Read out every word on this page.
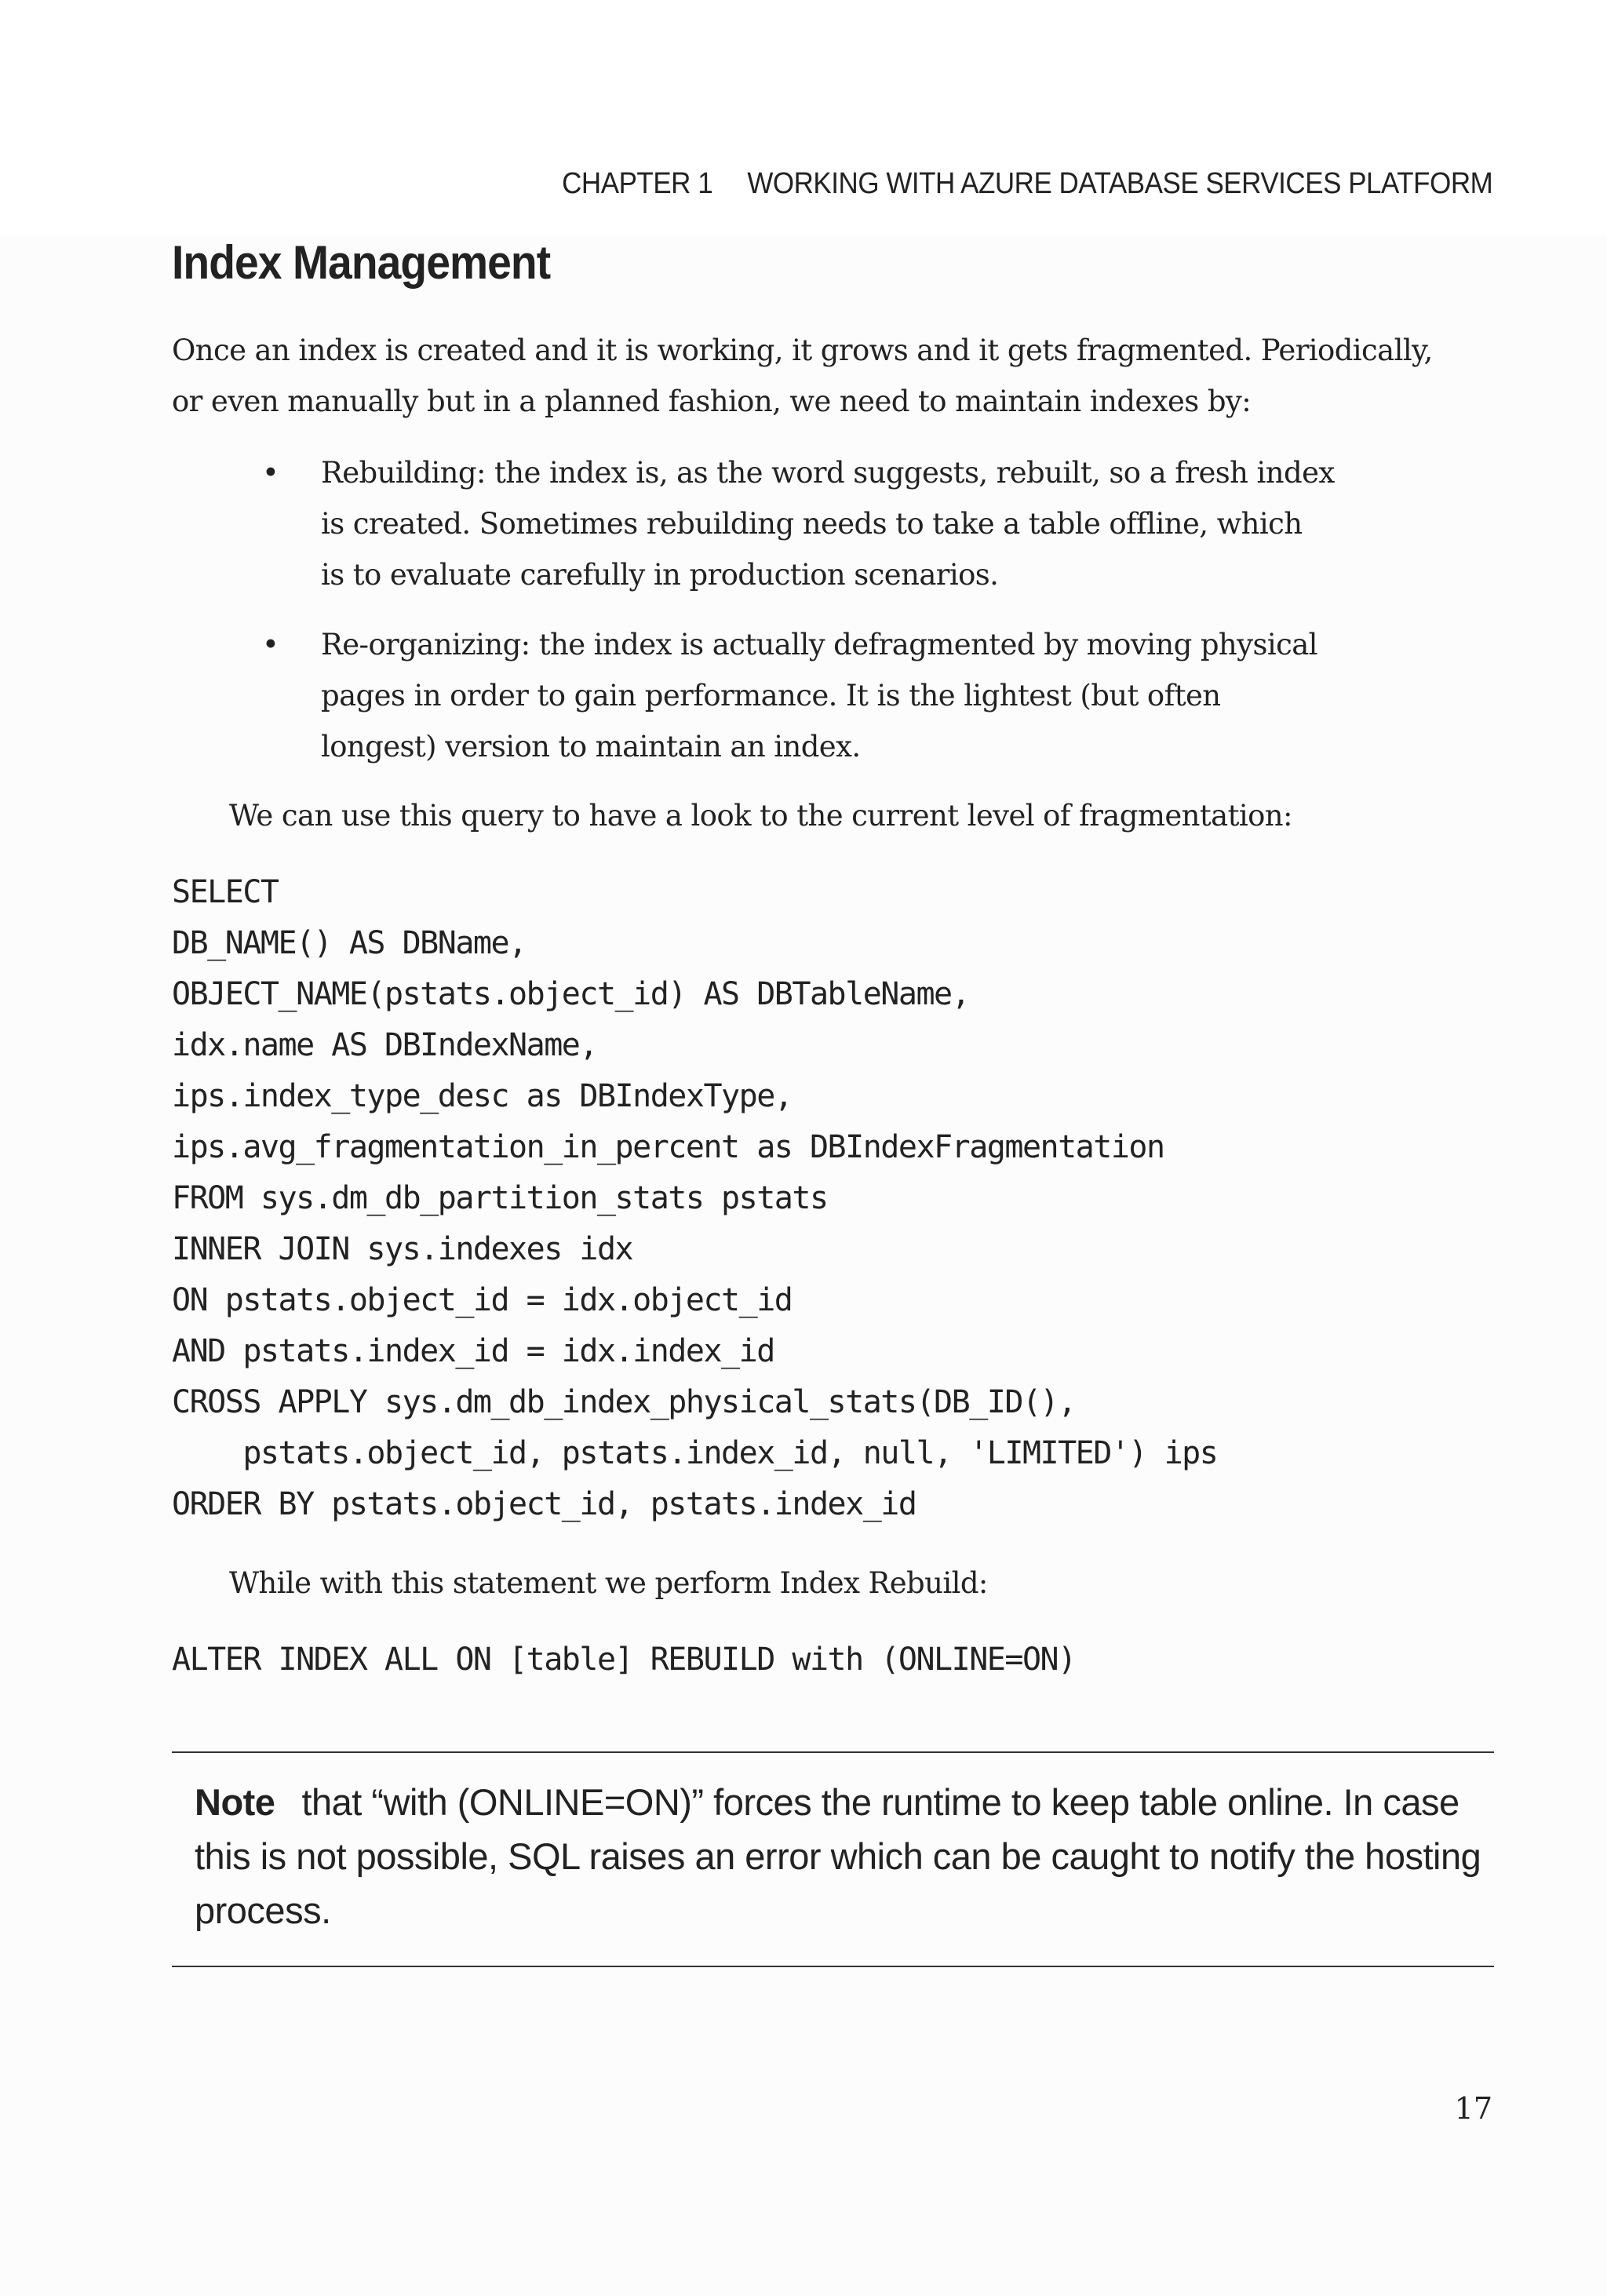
CHAPTER 1 WORKING WITH AZURE DATABASE SERVICES PLATFORM
Index Management
Once an index is created and it is working, it grows and it gets fragmented. Periodically,
or even manually but in a planned fashion, we need to maintain indexes by:
• Rebuilding: the index is, as the word suggests, rebuilt, so a fresh index
is created. Sometimes rebuilding needs to take a table offline, which
is to evaluate carefully in production scenarios.
• Re-organizing: the index is actually defragmented by moving physical
pages in order to gain performance. It is the lightest (but often
longest) version to maintain an index.
We can use this query to have a look to the current level of fragmentation:
SELECT
DB_NAME() AS DBName,
OBJECT_NAME(pstats.object_id) AS DBTableName,
idx.name AS DBIndexName,
ips.index_type_desc as DBIndexType,
ips.avg_fragmentation_in_percent as DBIndexFragmentation
FROM sys.dm_db_partition_stats pstats
INNER JOIN sys.indexes idx
ON pstats.object_id = idx.object_id
AND pstats.index_id = idx.index_id
CROSS APPLY sys.dm_db_index_physical_stats(DB_ID(),
pstats.object_id, pstats.index_id, null, 'LIMITED') ips
ORDER BY pstats.object_id, pstats.index_id
While with this statement we perform Index Rebuild:
ALTER INDEX ALL ON [table] REBUILD with (ONLINE=ON)
Note that “with (ONLINE=ON)” forces the runtime to keep table online. In case
this is not possible, SQL raises an error which can be caught to notify the hosting
process.
17
